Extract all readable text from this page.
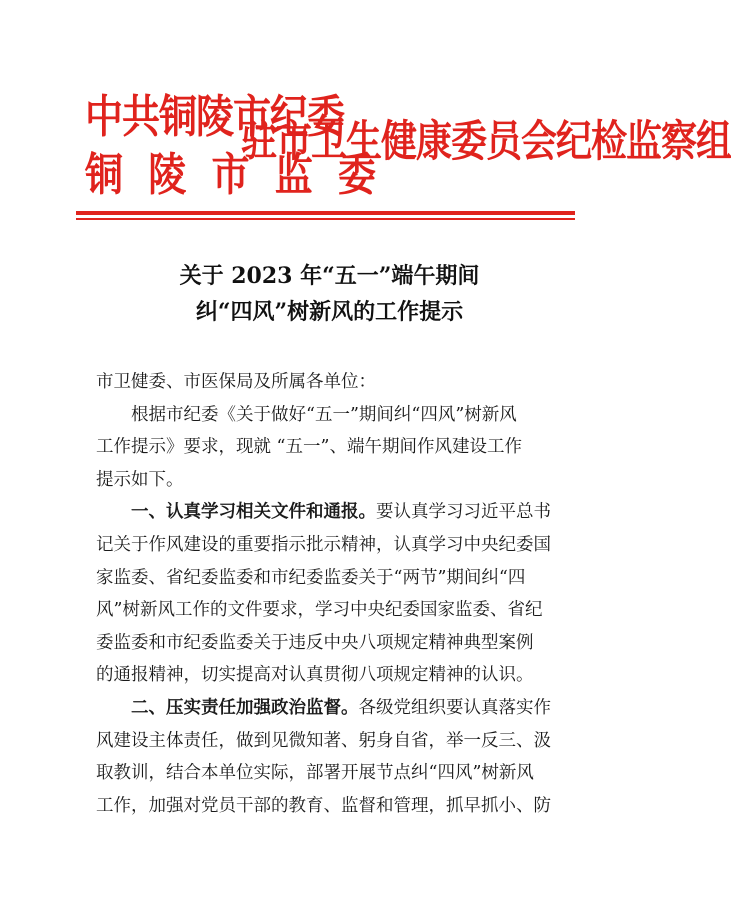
中共铜陵市纪委
铜 陵 市 监 委
驻市卫生健康委员会纪检监察组
关于 2023 年“五一”端午期间
纠“四风”树新风的工作提示
市卫健委、市医保局及所属各单位：
根据市纪委《关于做好“五一”期间纠“四风”树新风
工作提示》要求，现就 “五一”、端午期间作风建设工作
提示如下。
一、认真学习相关文件和通报。要认真学习习近平总书
记关于作风建设的重要指示批示精神，认真学习中央纪委国
家监委、省纪委监委和市纪委监委关于“两节”期间纠“四
风”树新风工作的文件要求，学习中央纪委国家监委、省纪
委监委和市纪委监委关于违反中央八项规定精神典型案例
的通报精神，切实提高对认真贯彻八项规定精神的认识。
二、压实责任加强政治监督。各级党组织要认真落实作
风建设主体责任，做到见微知著、躬身自省，举一反三、汲
取教训，结合本单位实际，部署开展节点纠“四风”树新风
工作，加强对党员干部的教育、监督和管理，抓早抓小、防
